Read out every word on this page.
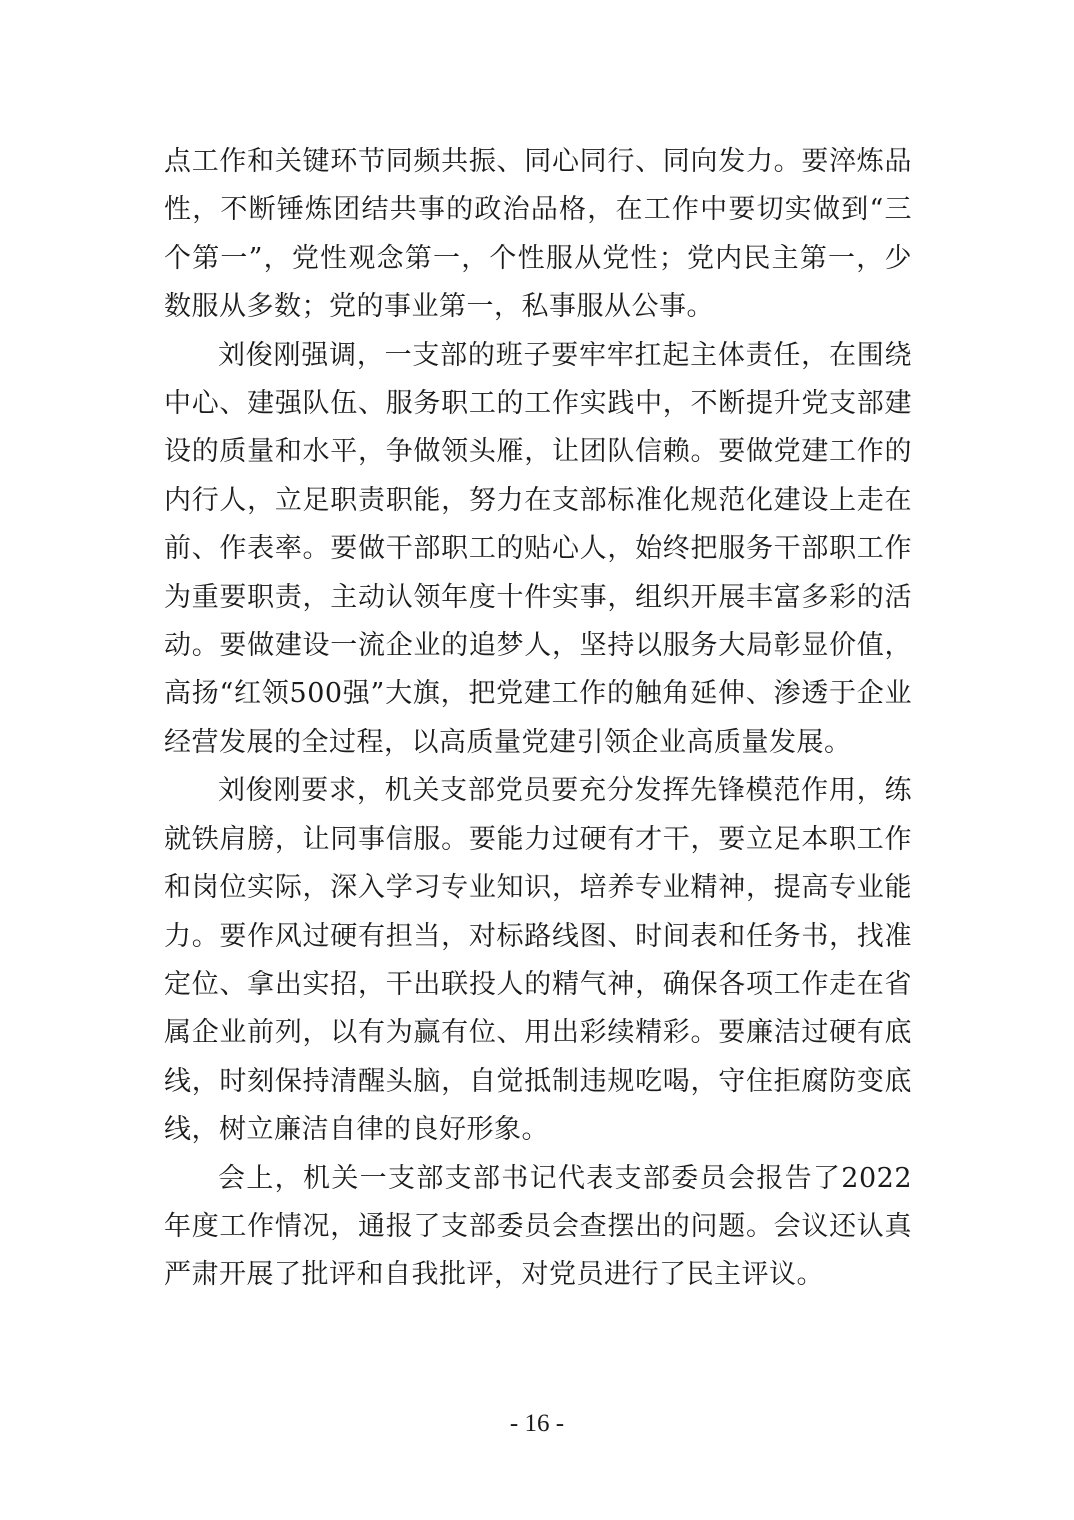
点工作和关键环节同频共振、同心同行、同向发力。要淬炼品性，不断锤炼团结共事的政治品格，在工作中要切实做到“三个第一”，党性观念第一，个性服从党性；党内民主第一，少数服从多数；党的事业第一，私事服从公事。

刘俊刚强调，一支部的班子要牢牢扛起主体责任，在围绕中心、建强队伍、服务职工的工作实践中，不断提升党支部建设的质量和水平，争做领头雁，让团队信赖。要做党建工作的内行人，立足职责职能，努力在支部标准化规范化建设上走在前、作表率。要做干部职工的贴心人，始终把服务干部职工作为重要职责，主动认领年度十件实事，组织开展丰富多彩的活动。要做建设一流企业的追梦人，坚持以服务大局彰显价值，高扬“红领500强”大旗，把党建工作的触角延伸、渗透于企业经营发展的全过程，以高质量党建引领企业高质量发展。

刘俊刚要求，机关支部党员要充分发挥先锋模范作用，练就铁肩膀，让同事信服。要能力过硬有才干，要立足本职工作和岗位实际，深入学习专业知识，培养专业精神，提高专业能力。要作风过硬有担当，对标路线图、时间表和任务书，找准定位、拿出实招，干出联投人的精气神，确保各项工作走在省属企业前列，以有为赢有位、用出彩续精彩。要廉洁过硬有底线，时刻保持清醒头脑，自觉抵制违规吃喝，守住拒腐防变底线，树立廉洁自律的良好形象。

会上，机关一支部支部书记代表支部委员会报告了2022年度工作情况，通报了支部委员会查摆出的问题。会议还认真严肃开展了批评和自我批评，对党员进行了民主评议。

- 16 -
